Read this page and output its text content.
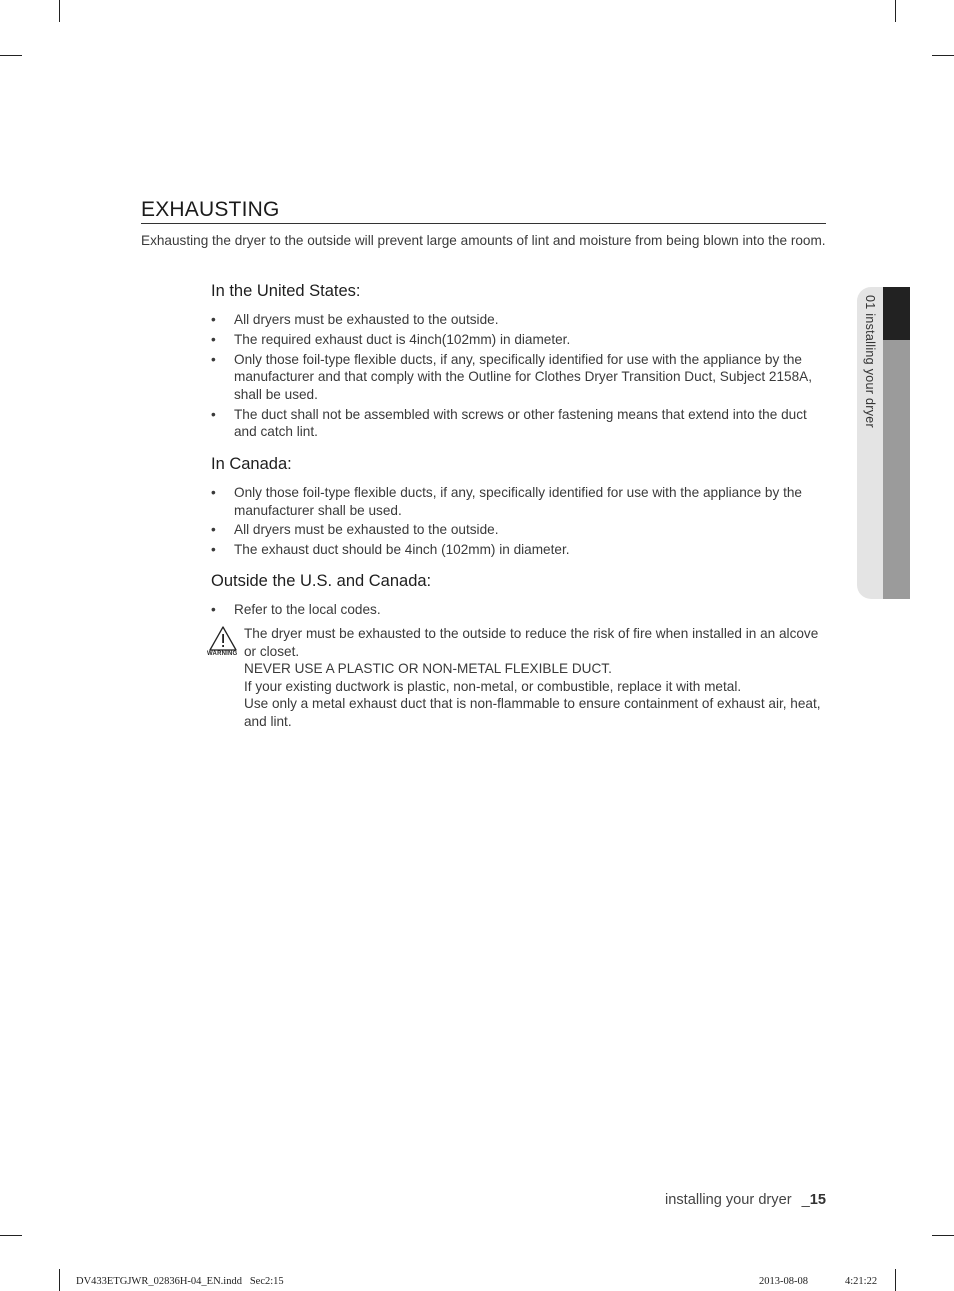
EXHAUSTING
Exhausting the dryer to the outside will prevent large amounts of lint and moisture from being blown into the room.
In the United States:
• All dryers must be exhausted to the outside.
• The required exhaust duct is 4inch(102mm) in diameter.
• Only those foil-type flexible ducts, if any, specifically identified for use with the appliance by the manufacturer and that comply with the Outline for Clothes Dryer Transition Duct, Subject 2158A, shall be used.
• The duct shall not be assembled with screws or other fastening means that extend into the duct and catch lint.
In Canada:
• Only those foil-type flexible ducts, if any, specifically identified for use with the appliance by the manufacturer shall be used.
• All dryers must be exhausted to the outside.
• The exhaust duct should be 4inch (102mm) in diameter.
Outside the U.S. and Canada:
• Refer to the local codes.
WARNING

The dryer must be exhausted to the outside to reduce the risk of fire when installed in an alcove or closet.

NEVER USE A PLASTIC OR NON-METAL FLEXIBLE DUCT.

If your existing ductwork is plastic, non-metal, or combustible, replace it with metal.

Use only a metal exhaust duct that is non-flammable to ensure containment of exhaust air, heat, and lint.

01 installing your dryer
installing your dryer _15
DV433ETGJWR_02836H-04_EN.indd   Sec2:15	2013-08-08	4:21:22
